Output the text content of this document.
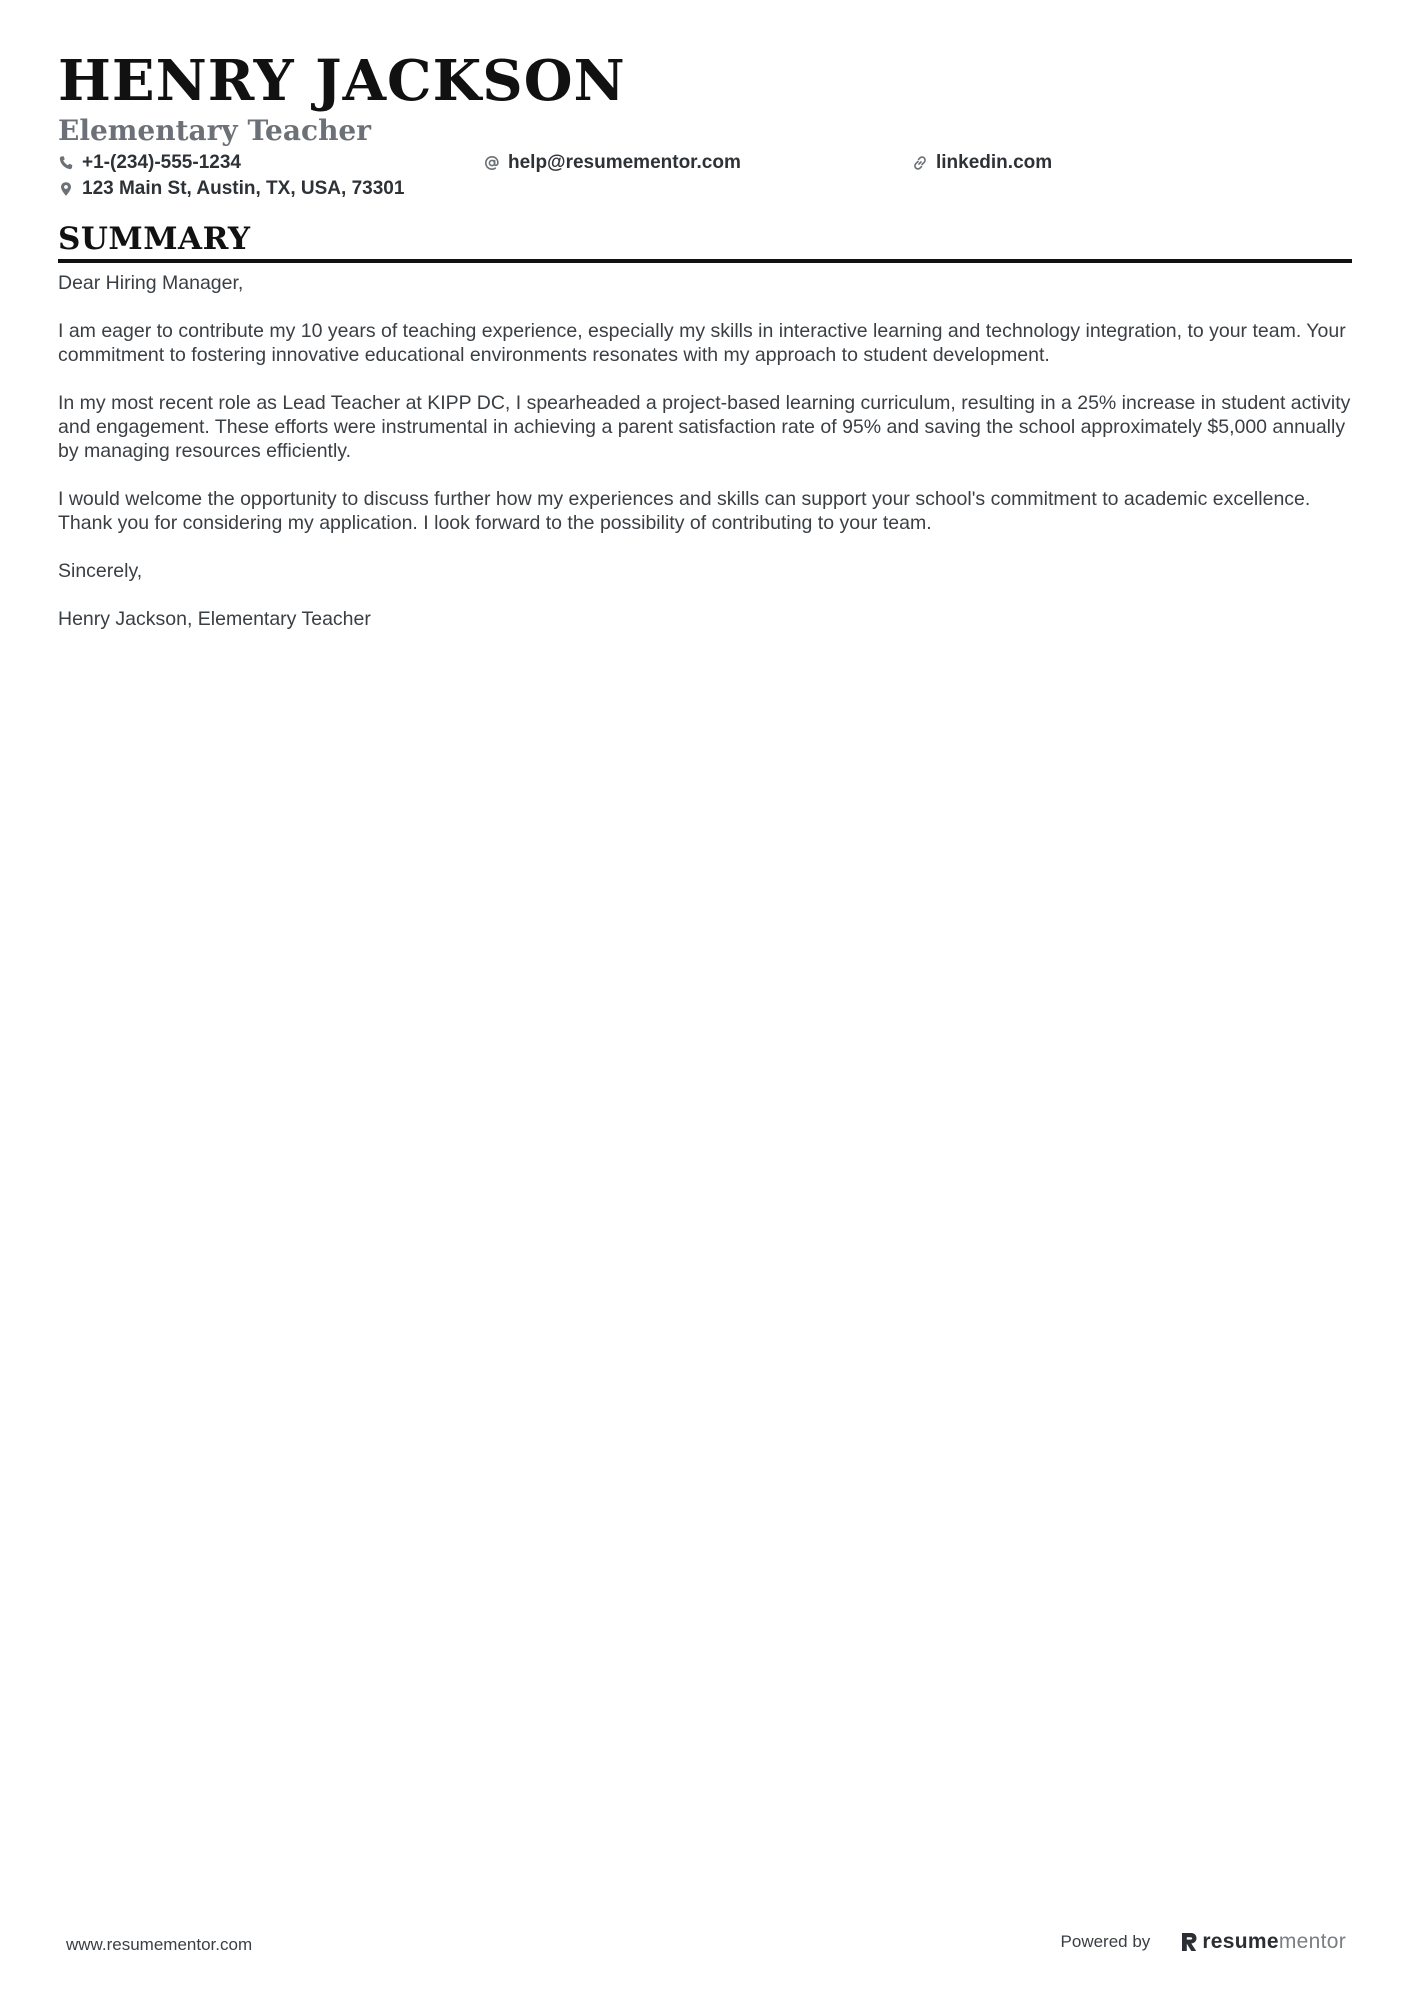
HENRY JACKSON
Elementary Teacher
+1-(234)-555-1234	help@resumementor.com	linkedin.com
123 Main St, Austin, TX, USA, 73301
SUMMARY

Dear Hiring Manager,

I am eager to contribute my 10 years of teaching experience, especially my skills in interactive learning and technology integration, to your team. Your commitment to fostering innovative educational environments resonates with my approach to student development.

In my most recent role as Lead Teacher at KIPP DC, I spearheaded a project-based learning curriculum, resulting in a 25% increase in student activity and engagement. These efforts were instrumental in achieving a parent satisfaction rate of 95% and saving the school approximately $5,000 annually by managing resources efficiently.

I would welcome the opportunity to discuss further how my experiences and skills can support your school's commitment to academic excellence. Thank you for considering my application. I look forward to the possibility of contributing to your team.

Sincerely,

Henry Jackson, Elementary Teacher

www.resumementor.com	Powered by resumementor
